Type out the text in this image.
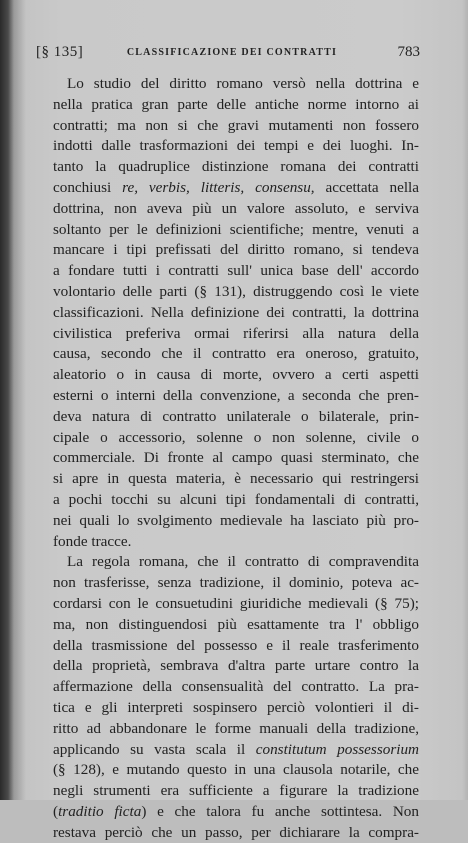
[§ 135]	CLASSIFICAZIONE DEI CONTRATTI	783
Lo studio del diritto romano versò nella dottrina e
nella pratica gran parte delle antiche norme intorno ai
contratti; ma non si che gravi mutamenti non fossero
indotti dalle trasformazioni dei tempi e dei luoghi. In-
tanto la quadruplice distinzione romana dei contratti
conchiusi re, verbis, litteris, consensu, accettata nella
dottrina, non aveva più un valore assoluto, e serviva
soltanto per le definizioni scientifiche; mentre, venuti a
mancare i tipi prefissati del diritto romano, si tendeva
a fondare tutti i contratti sull' unica base dell' accordo
volontario delle parti (§ 131), distruggendo così le viete
classificazioni. Nella definizione dei contratti, la dottrina
civilistica preferiva ormai riferirsi alla natura della
causa, secondo che il contratto era oneroso, gratuito,
aleatorio o in causa di morte, ovvero a certi aspetti
esterni o interni della convenzione, a seconda che pren-
deva natura di contratto unilaterale o bilaterale, prin-
cipale o accessorio, solenne o non solenne, civile o
commerciale. Di fronte al campo quasi sterminato, che
si apre in questa materia, è necessario qui restringersi
a pochi tocchi su alcuni tipi fondamentali di contratti,
nei quali lo svolgimento medievale ha lasciato più pro-
fonde tracce.
La regola romana, che il contratto di compravendita
non trasferisse, senza tradizione, il dominio, poteva ac-
cordarsi con le consuetudini giuridiche medievali (§ 75);
ma, non distinguendosi più esattamente tra l' obbligo
della trasmissione del possesso e il reale trasferimento
della proprietà, sembrava d'altra parte urtare contro la
affermazione della consensualità del contratto. La pra-
tica e gli interpreti sospinsero perciò volontieri il di-
ritto ad abbandonare le forme manuali della tradizione,
applicando su vasta scala il constitutum possessorium
(§ 128), e mutando questo in una clausola notarile, che
negli strumenti era sufficiente a figurare la tradizione
(traditio ficta) e che talora fu anche sottintesa. Non
restava perciò che un passo, per dichiarare la compra-
